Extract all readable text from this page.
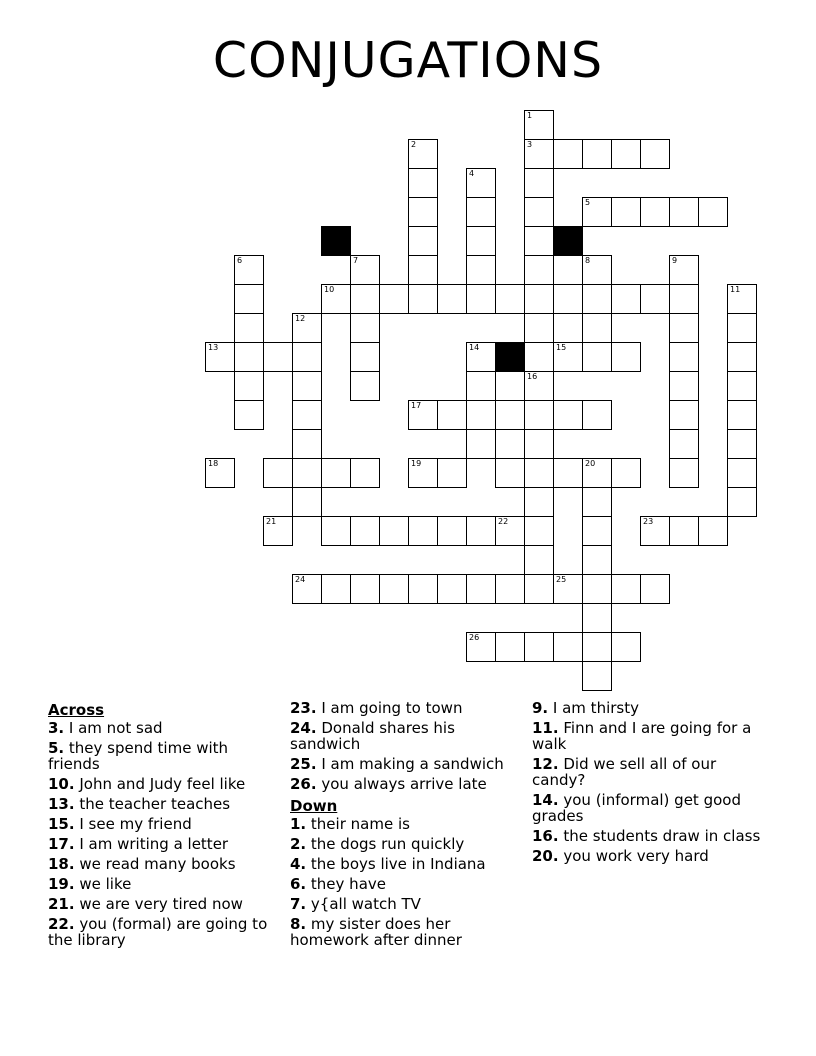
CONJUGATIONS
1
3
2
4
5
6	7	8	9
10	11
12
13	14	15
16
17
18	19	20
21	22	23
24	25
26
Across
3. I am not sad
5. they spend time with friends
10. John and Judy feel like
13. the teacher teaches
15. I see my friend
17. I am writing a letter
18. we read many books
19. we like
21. we are very tired now
22. you (formal) are going to the library
23. I am going to town
24. Donald shares his sandwich
25. I am making a sandwich
26. you always arrive late
Down
1. their name is
2. the dogs run quickly
4. the boys live in Indiana
6. they have
7. y{all watch TV
8. my sister does her homework after dinner
9. I am thirsty
11. Finn and I are going for a walk
12. Did we sell all of our candy?
14. you (informal) get good grades
16. the students draw in class
20. you work very hard
